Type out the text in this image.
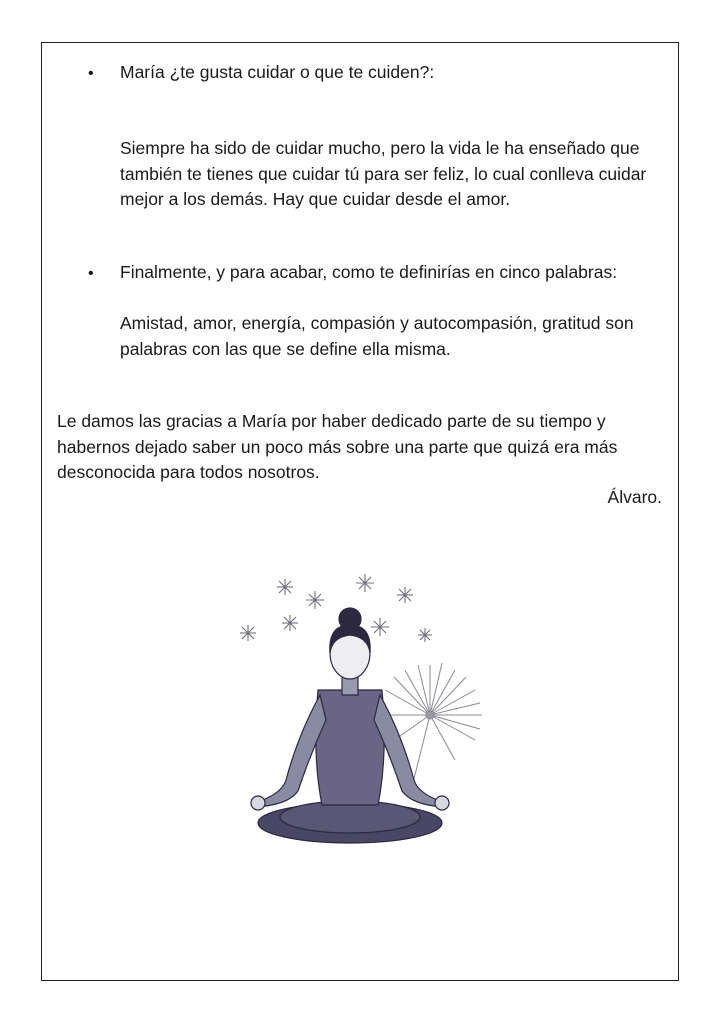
• María ¿te gusta cuidar o que te cuiden?:
Siempre ha sido de cuidar mucho, pero la vida le ha enseñado que también te tienes que cuidar tú para ser feliz, lo cual conlleva cuidar mejor a los demás. Hay que cuidar desde el amor.
• Finalmente, y para acabar, como te definirías en cinco palabras:
Amistad, amor, energía, compasión y autocompasión, gratitud son palabras con las que se define ella misma.
Le damos las gracias a María por haber dedicado parte de su tiempo y habernos dejado saber un poco más sobre una parte que quizá era más desconocida para todos nosotros.
Álvaro.
